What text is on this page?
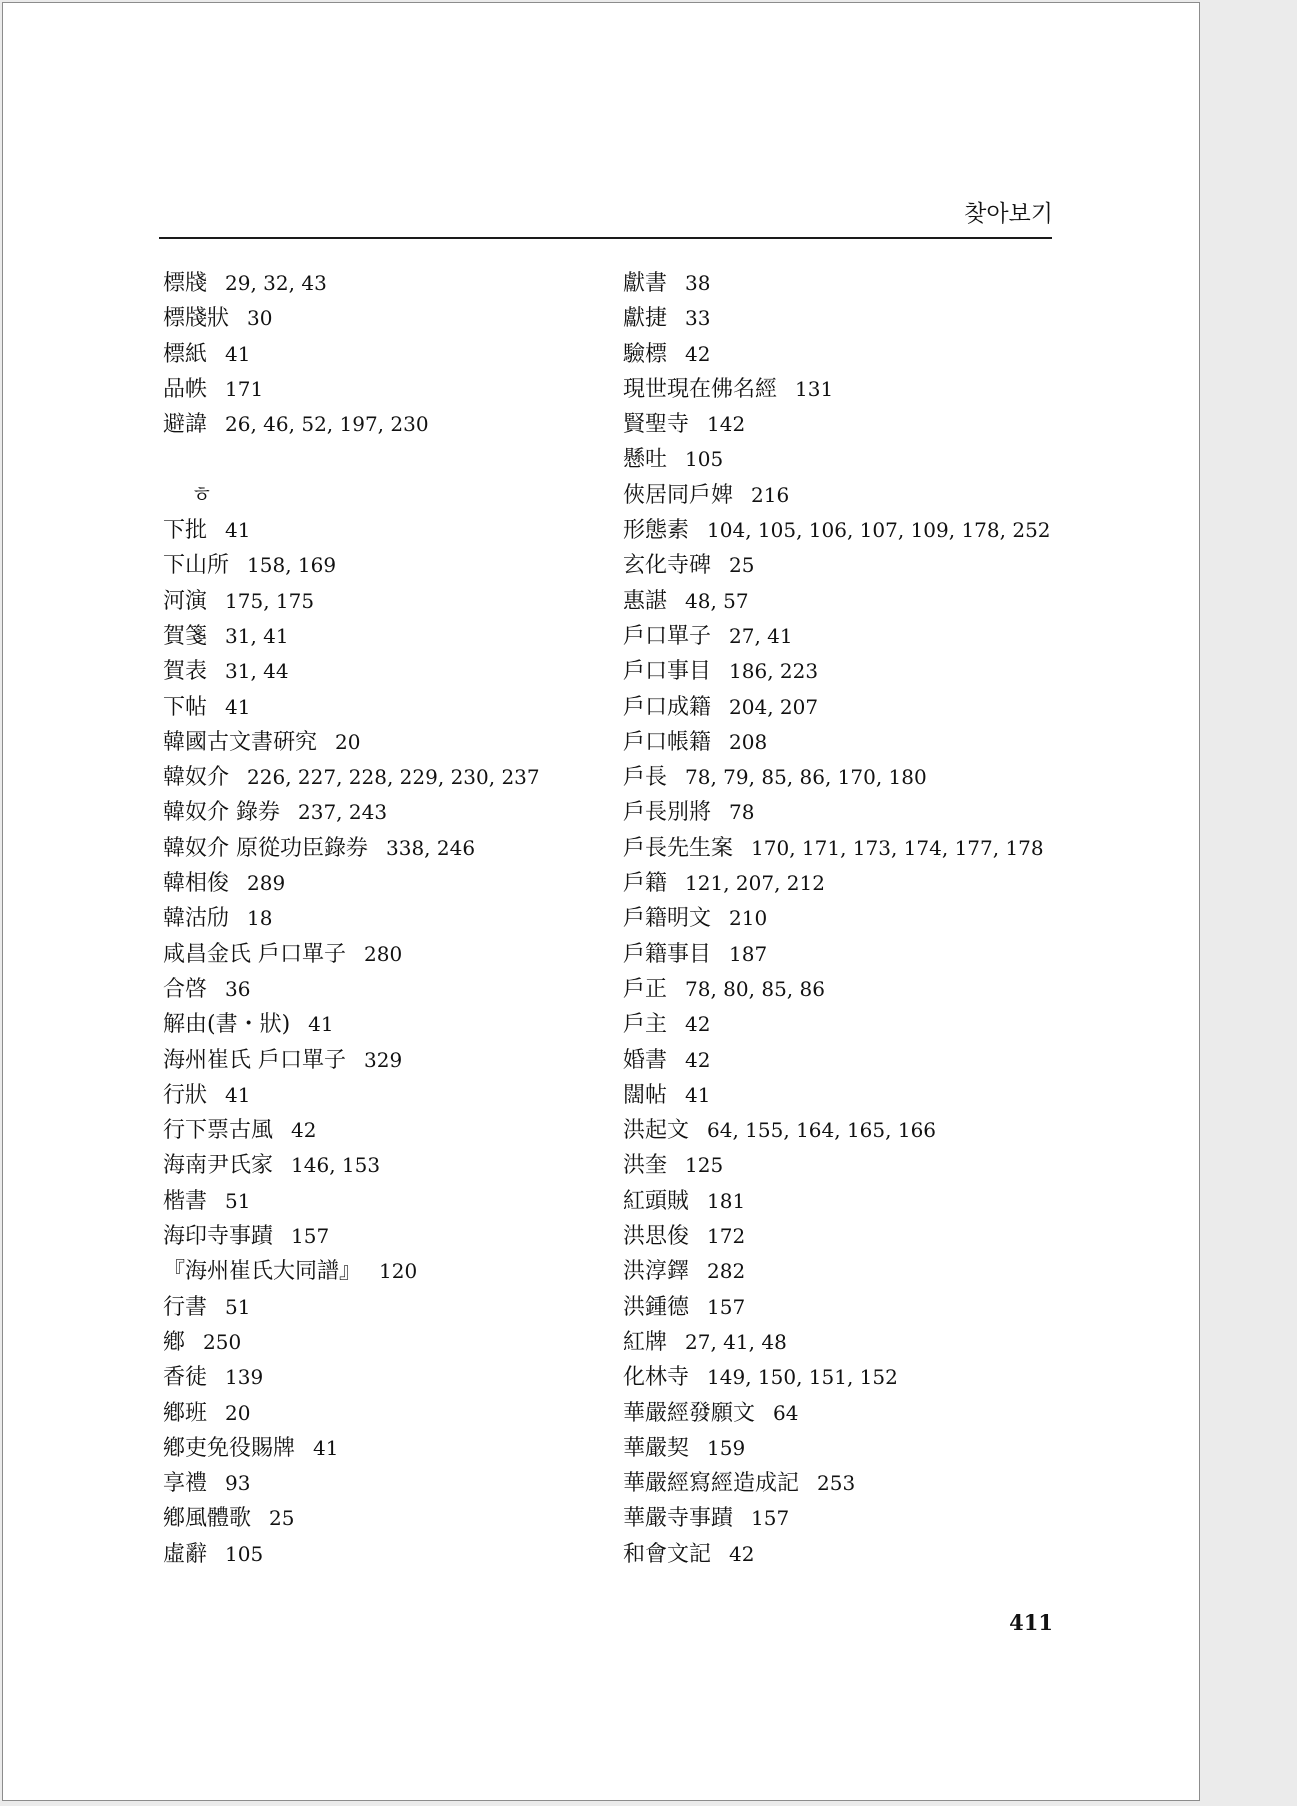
찾아보기
標牋 29, 32, 43
標牋狀 30
標紙 41
品帙 171
避諱 26, 46, 52, 197, 230
ㅎ
下批 41
下山所 158, 169
河演 175, 175
賀箋 31, 41
賀表 31, 44
下帖 41
韓國古文書硏究 20
韓奴介 226, 227, 228, 229, 230, 237
韓奴介 錄券 237, 243
韓奴介 原從功臣錄券 338, 246
韓相俊 289
韓沽劤 18
咸昌金氏 戶口單子 280
合啓 36
解由(書・狀) 41
海州崔氏 戶口單子 329
行狀 41
行下票古風 42
海南尹氏家 146, 153
楷書 51
海印寺事蹟 157
『海州崔氏大同譜』 120
行書 51
鄕 250
香徒 139
鄕班 20
鄕吏免役賜牌 41
享禮 93
鄕風體歌 25
虛辭 105
獻書 38
獻捷 33
驗標 42
現世現在佛名經 131
賢聖寺 142
懸吐 105
俠居同戶婢 216
形態素 104, 105, 106, 107, 109, 178, 252
玄化寺碑 25
惠諶 48, 57
戶口單子 27, 41
戶口事目 186, 223
戶口成籍 204, 207
戶口帳籍 208
戶長 78, 79, 85, 86, 170, 180
戶長別將 78
戶長先生案 170, 171, 173, 174, 177, 178
戶籍 121, 207, 212
戶籍明文 210
戶籍事目 187
戶正 78, 80, 85, 86
戶主 42
婚書 42
闊帖 41
洪起文 64, 155, 164, 165, 166
洪奎 125
紅頭賊 181
洪思俊 172
洪淳鐸 282
洪鍾德 157
紅牌 27, 41, 48
化林寺 149, 150, 151, 152
華嚴經發願文 64
華嚴契 159
華嚴經寫經造成記 253
華嚴寺事蹟 157
和會文記 42
411
